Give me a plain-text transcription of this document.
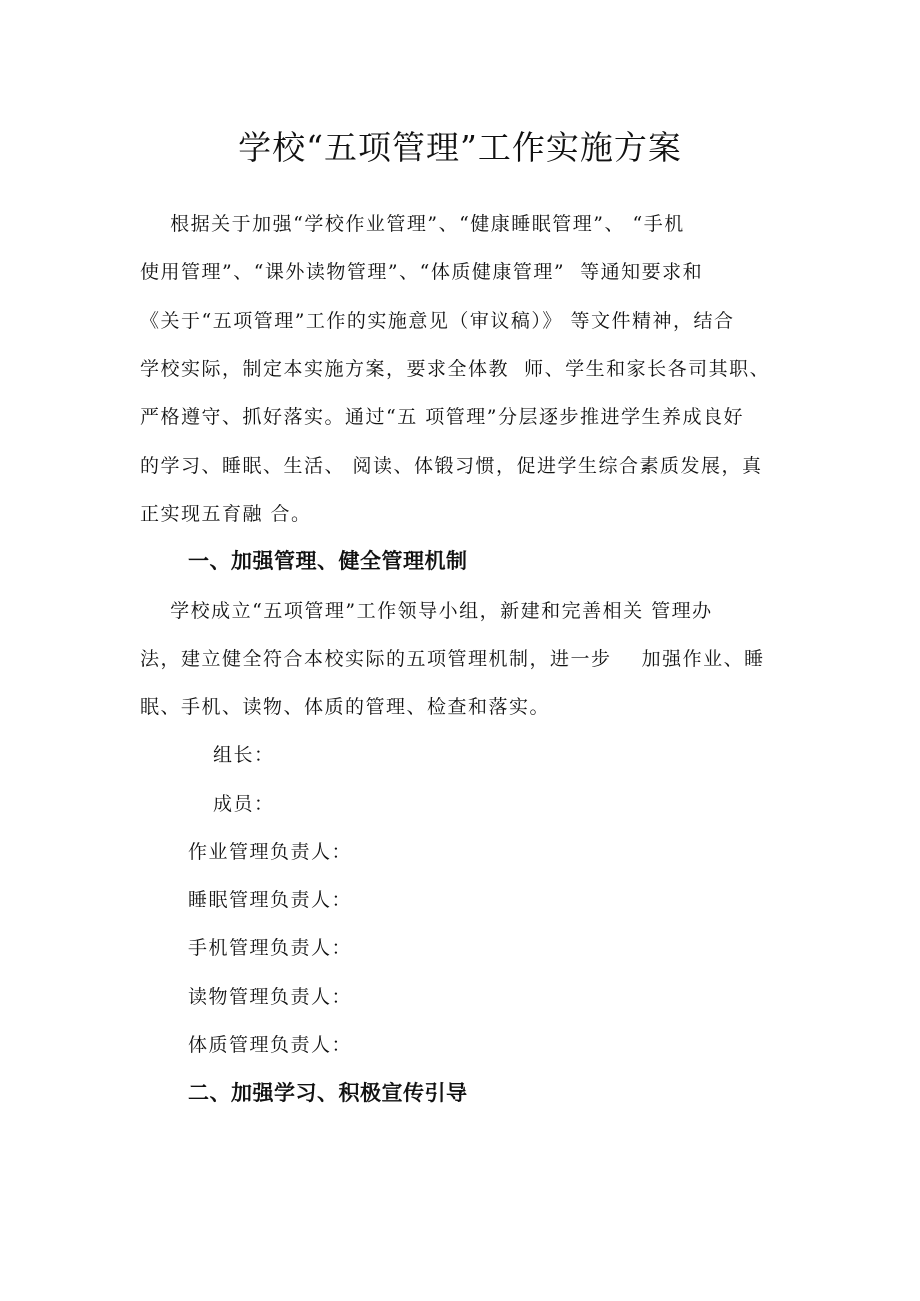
学校“五项管理”工作实施方案
根据关于加强“学校作业管理”、“健康睡眠管理”、 “手机
使用管理”、“课外读物管理”、“体质健康管理”  等通知要求和
《关于“五项管理”工作的实施意见（审议稿）》 等文件精神，结合
学校实际，制定本实施方案，要求全体教  师、学生和家长各司其职、
严格遵守、抓好落实。通过“五 项管理”分层逐步推进学生养成良好
的学习、睡眠、生活、 阅读、体锻习惯，促进学生综合素质发展，真
正实现五育融 合。
一、加强管理、健全管理机制
学校成立“五项管理”工作领导小组，新建和完善相关 管理办
法，建立健全符合本校实际的五项管理机制，进一步    加强作业、睡
眠、手机、读物、体质的管理、检查和落实。
组长：
成员：
作业管理负责人：
睡眠管理负责人：
手机管理负责人：
读物管理负责人：
体质管理负责人：
二、加强学习、积极宣传引导
